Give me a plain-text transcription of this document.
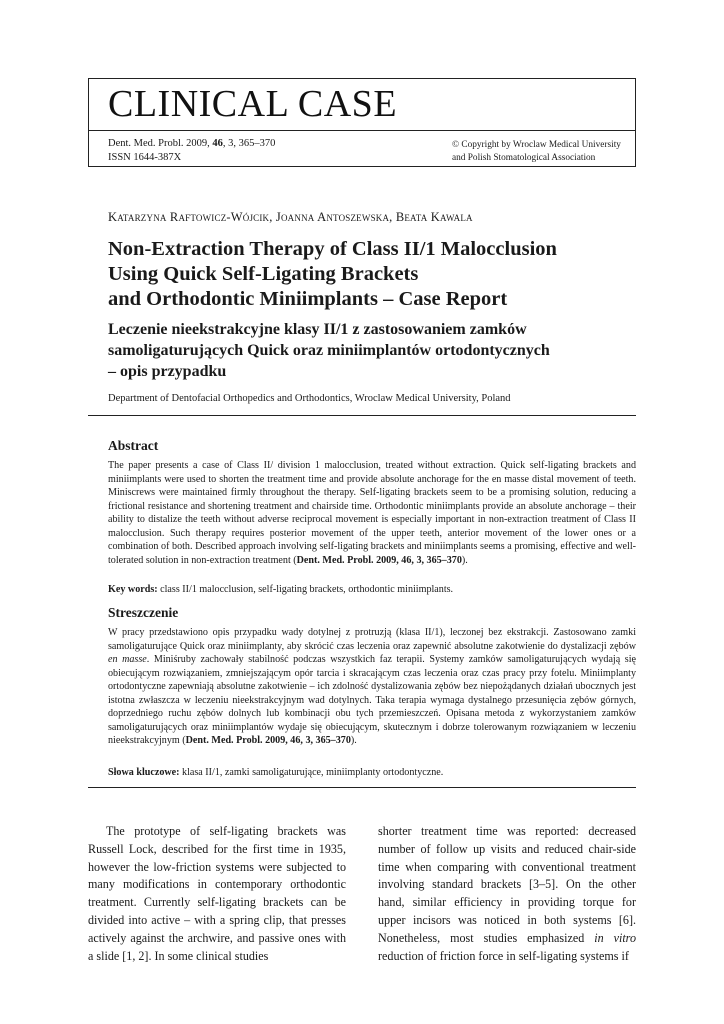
CLINICAL CASE
Dent. Med. Probl. 2009, 46, 3, 365–370
ISSN 1644-387X
© Copyright by Wroclaw Medical University
and Polish Stomatological Association
Katarzyna Raftowicz-Wójcik, Joanna Antoszewska, Beata Kawala
Non-Extraction Therapy of Class II/1 Malocclusion
Using Quick Self-Ligating Brackets
and Orthodontic Miniimplants – Case Report
Leczenie nieekstrakcyjne klasy II/1 z zastosowaniem zamków
samoligaturujących Quick oraz miniimplantów ortodontycznych
– opis przypadku
Department of Dentofacial Orthopedics and Orthodontics, Wroclaw Medical University, Poland
Abstract

The paper presents a case of Class II/ division 1 malocclusion, treated without extraction. Quick self-ligating brackets and miniimplants were used to shorten the treatment time and provide absolute anchorage for the en masse distal movement of teeth. Miniscrews were maintained firmly throughout the therapy. Self-ligating brackets seem to be a promising solution, reducing a frictional resistance and shortening treatment and chairside time. Orthodontic miniimplants provide an absolute anchorage – their ability to distalize the teeth without adverse reciprocal movement is especially important in non-extraction treatment of Class II malocclusion. Such therapy requires posterior movement of the upper teeth, anterior movement of the lower ones or a combination of both. Described approach involving self-ligating brackets and miniimplants seems a promising, effective and well-tolerated solution in non-extraction treatment (Dent. Med. Probl. 2009, 46, 3, 365–370).

Key words: class II/1 malocclusion, self-ligating brackets, orthodontic miniimplants.
Streszczenie

W pracy przedstawiono opis przypadku wady dotylnej z protruzją (klasa II/1), leczonej bez ekstrakcji. Zastosowano zamki samoligaturujące Quick oraz miniimplanty, aby skrócić czas leczenia oraz zapewnić absolutne zakotwienie do dystalizacji zębów en masse. Miniśruby zachowały stabilność podczas wszystkich faz terapii. Systemy zamków samoligaturujących wydają się obiecującym rozwiązaniem, zmniejszającym opór tarcia i skracającym czas leczenia oraz czas pracy przy fotelu. Miniimplanty ortodontyczne zapewniają absolutne zakotwienie – ich zdolność dystalizowania zębów bez niepożądanych działań ubocznych jest istotna zwłaszcza w leczeniu nieekstrakcyjnym wad dotylnych. Taka terapia wymaga dystalnego przesunięcia zębów górnych, doprzedniego ruchu zębów dolnych lub kombinacji obu tych przemieszczeń. Opisana metoda z wykorzystaniem zamków samoligaturujących oraz miniimplantów wydaje się obiecującym, skutecznym i dobrze tolerowanym rozwiązaniem w leczeniu nieekstrakcyjnym (Dent. Med. Probl. 2009, 46, 3, 365–370).

Słowa kluczowe: klasa II/1, zamki samoligaturujące, miniimplanty ortodontyczne.

The prototype of self-ligating brackets was Russell Lock, described for the first time in 1935, however the low-friction systems were subjected to many modifications in contemporary orthodontic treatment. Currently self-ligating brackets can be divided into active – with a spring clip, that presses actively against the archwire, and passive ones with a slide [1, 2]. In some clinical studies

shorter treatment time was reported: decreased number of follow up visits and reduced chair-side time when comparing with conventional treatment involving standard brackets [3–5]. On the other hand, similar efficiency in providing torque for upper incisors was noticed in both systems [6]. Nonetheless, most studies emphasized in vitro reduction of friction force in self-ligating systems if
